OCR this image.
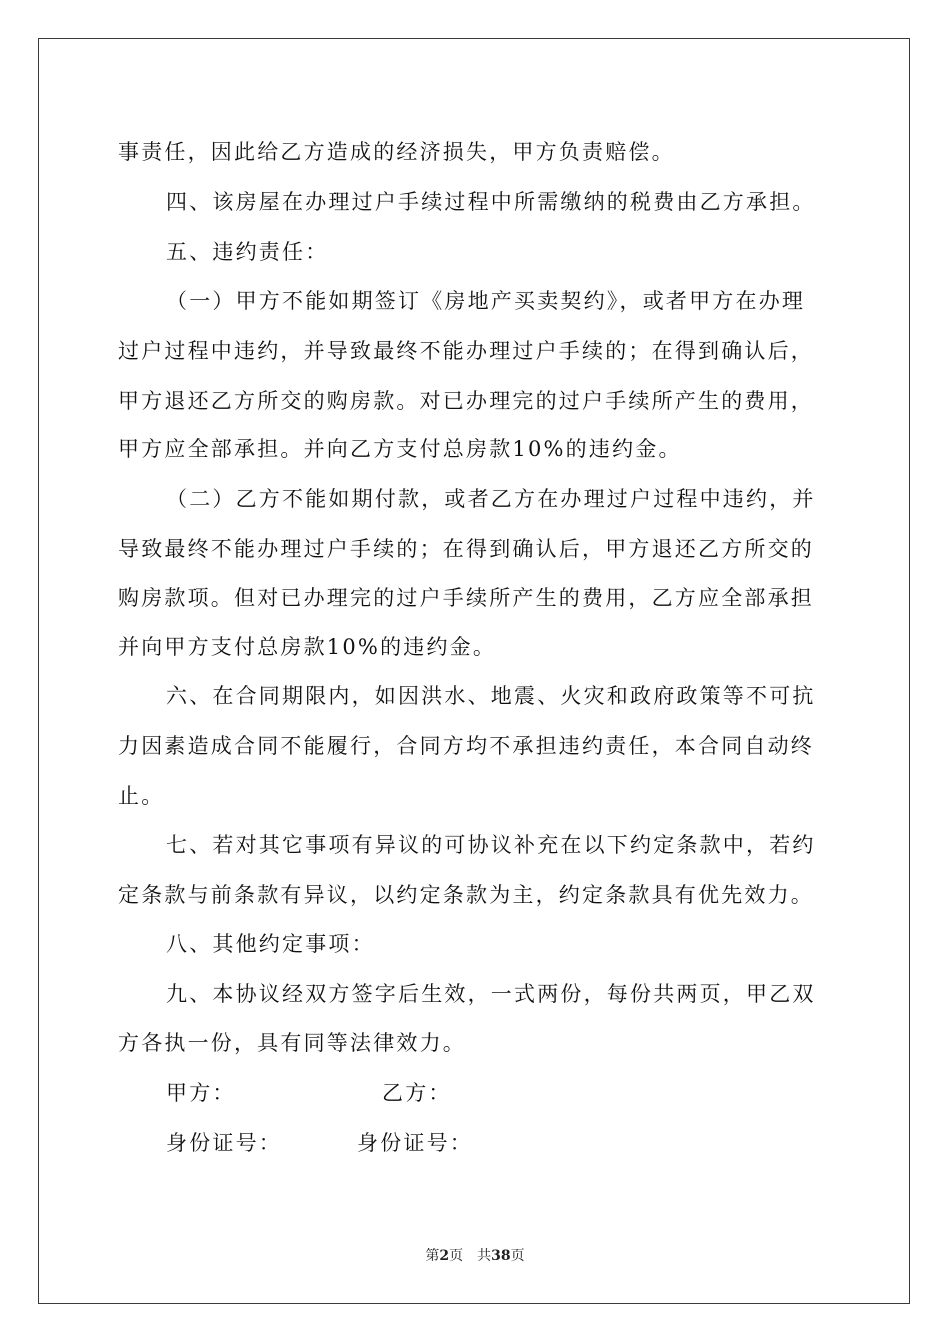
事责任，因此给乙方造成的经济损失，甲方负责赔偿。
四、该房屋在办理过户手续过程中所需缴纳的税费由乙方承担。
五、违约责任：
（一）甲方不能如期签订《房地产买卖契约》，或者甲方在办理
过户过程中违约，并导致最终不能办理过户手续的；在得到确认后，
甲方退还乙方所交的购房款。对已办理完的过户手续所产生的费用，
甲方应全部承担。并向乙方支付总房款10%的违约金。
（二）乙方不能如期付款，或者乙方在办理过户过程中违约，并
导致最终不能办理过户手续的；在得到确认后，甲方退还乙方所交的
购房款项。但对已办理完的过户手续所产生的费用，乙方应全部承担
并向甲方支付总房款10%的违约金。
六、在合同期限内，如因洪水、地震、火灾和政府政策等不可抗
力因素造成合同不能履行，合同方均不承担违约责任，本合同自动终
止。
七、若对其它事项有异议的可协议补充在以下约定条款中，若约
定条款与前条款有异议，以约定条款为主，约定条款具有优先效力。
八、其他约定事项：
九、本协议经双方签字后生效，一式两份，每份共两页，甲乙双
方各执一份，具有同等法律效力。
甲方：	乙方：
身份证号：	身份证号：
第2页 共38页
